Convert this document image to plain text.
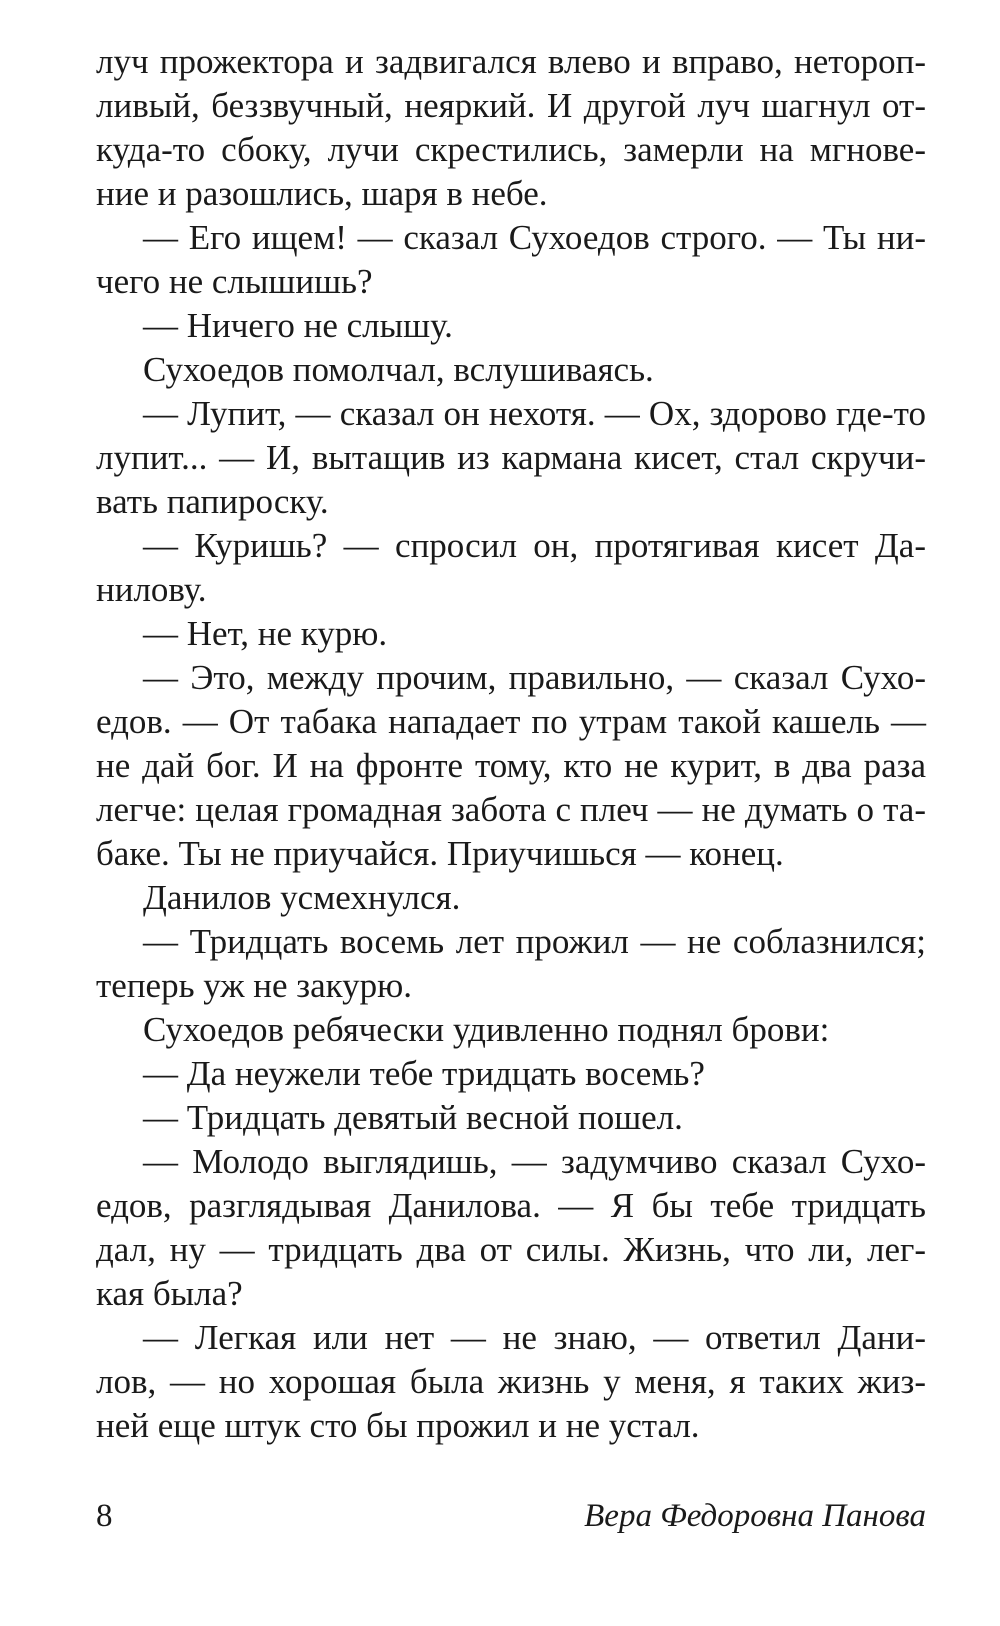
луч прожектора и задвигался влево и вправо, нетороп-
ливый, беззвучный, неяркий. И другой луч шагнул от-
куда-то сбоку, лучи скрестились, замерли на мгнове-
ние и разошлись, шаря в небе.
— Его ищем! — сказал Сухоедов строго. — Ты ни-
чего не слышишь?
— Ничего не слышу.
Сухоедов помолчал, вслушиваясь.
— Лупит, — сказал он нехотя. — Ох, здорово где-то
лупит... — И, вытащив из кармана кисет, стал скручи-
вать папироску.
— Куришь? — спросил он, протягивая кисет Да-
нилову.
— Нет, не курю.
— Это, между прочим, правильно, — сказал Сухо-
едов. — От табака нападает по утрам такой кашель —
не дай бог. И на фронте тому, кто не курит, в два раза
легче: целая громадная забота с плеч — не думать о та-
баке. Ты не приучайся. Приучишься — конец.
Данилов усмехнулся.
— Тридцать восемь лет прожил — не соблазнился;
теперь уж не закурю.
Сухоедов ребячески удивленно поднял брови:
— Да неужели тебе тридцать восемь?
— Тридцать девятый весной пошел.
— Молодо выглядишь, — задумчиво сказал Сухо-
едов, разглядывая Данилова. — Я бы тебе тридцать
дал, ну — тридцать два от силы. Жизнь, что ли, лег-
кая была?
— Легкая или нет — не знаю, — ответил Дани-
лов, — но хорошая была жизнь у меня, я таких жиз-
ней еще штук сто бы прожил и не устал.
8	Вера Федоровна Панова
